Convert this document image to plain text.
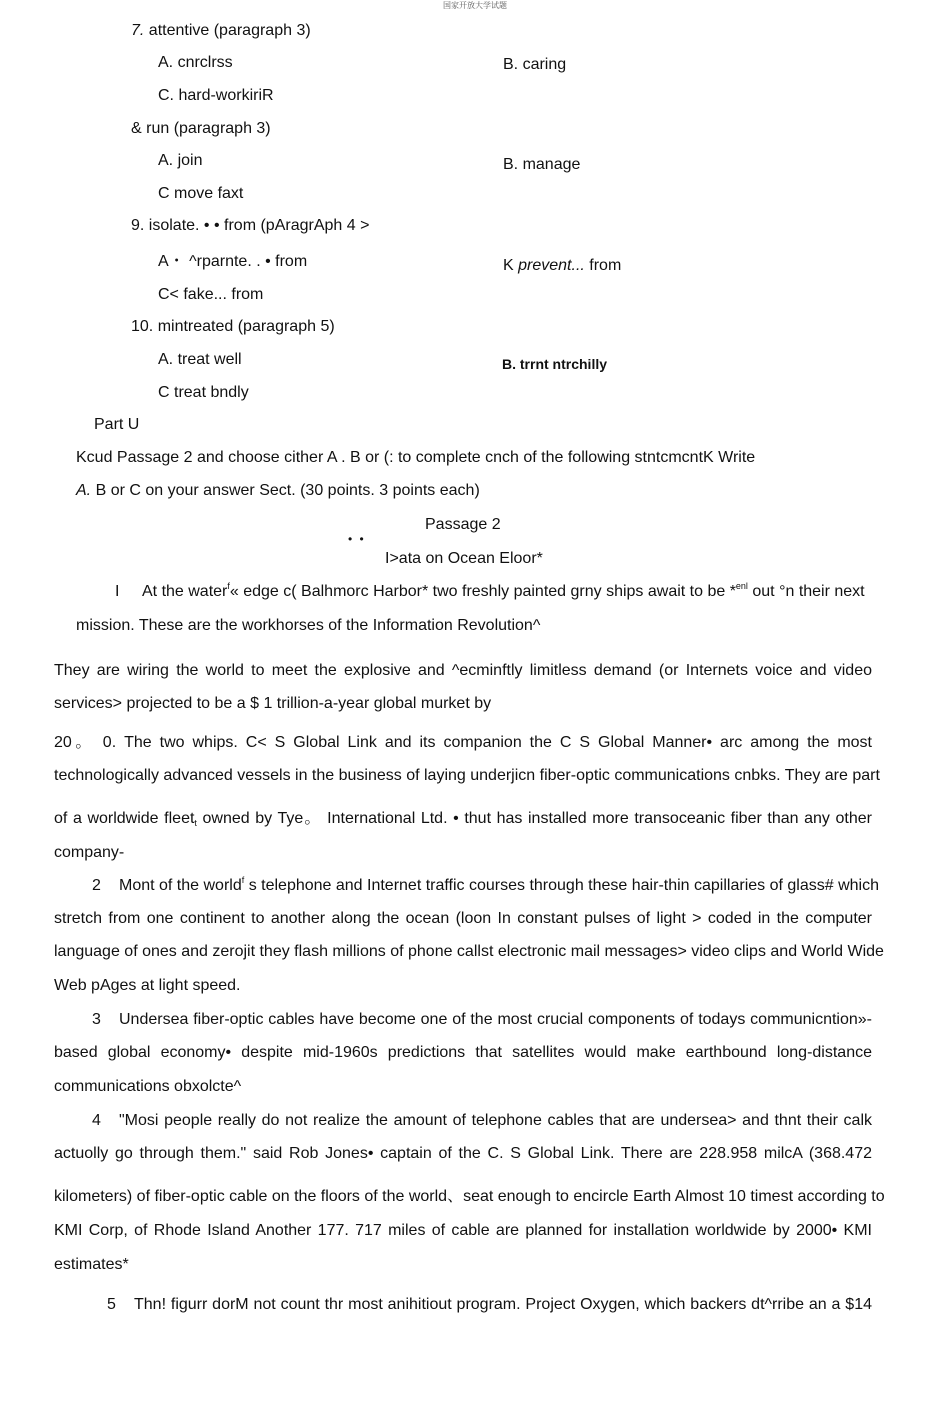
国家开放大学试题
7. attentive (paragraph 3)
A. cnrclrss	B. caring
C. hard-workiriR
& run (paragraph 3)
A. join	B. manage
C move faxt
9. isolate. • • from (pAragrAph 4 >
A・ ^rparnte. . • from	K prevent... from
C< fake... from
10. mintreated (paragraph 5)
A. treat well	B. trrnt ntrchilly
C treat bndly
Part U
Kcud Passage 2 and choose cither A . B or (: to complete cnch of the following stntcmcntK Write
A. B or C on your answer Sect. (30 points. 3 points each)
Passage 2
• •
I>ata on Ocean Eloor*
I At the water$^f$« edge c( Balhmorc Harbor* two freshly painted grny ships await to be *$^{enl}$ out °n their next
mission. These are the workhorses of the Information Revolution^
They are wiring the world to meet the explosive and ^ecminftly limitless demand (or Internets voice and video
services> projected to be a $ 1 trillion-a-year global murket by
20。 0. The two whips. C< S Global Link and its companion the C S Global Manner• arc among the most
technologically advanced vessels in the business of laying underjicn fiber-optic communications cnbks. They are part
of a worldwide fleet$_t$ owned by Tye。 International Ltd. • thut has installed more transoceanic fiber than any other
company-
2 Mont of the world$^f$ s telephone and Internet traffic courses through these hair-thin capillaries of glass# which
stretch from one continent to another along the ocean (loon In constant pulses of light > coded in the computer
language of ones and zerojit they flash millions of phone callst electronic mail messages> video clips and World Wide
Web pAges at light speed.
3 Undersea fiber-optic cables have become one of the most crucial components of todays communicntion»-
based global economy• despite mid-1960s predictions that satellites would make earthbound long-distance
communications obxolcte^
4 "Mosi people really do not realize the amount of telephone cables that are undersea> and thnt their calk
actuolly go through them." said Rob Jones• captain of the C. S Global Link. There are 228.958 milcA (368.472
kilometers) of fiber-optic cable on the floors of the world、seat enough to encircle Earth Almost 10 timest according to
KMI Corp, of Rhode Island Another 177. 717 miles of cable are planned for installation worldwide by 2000• KMI
estimates*
5 Thn! figurr dorM not count thr most anihitiout program. Project Oxygen, which backers dt^rribe an a $14
